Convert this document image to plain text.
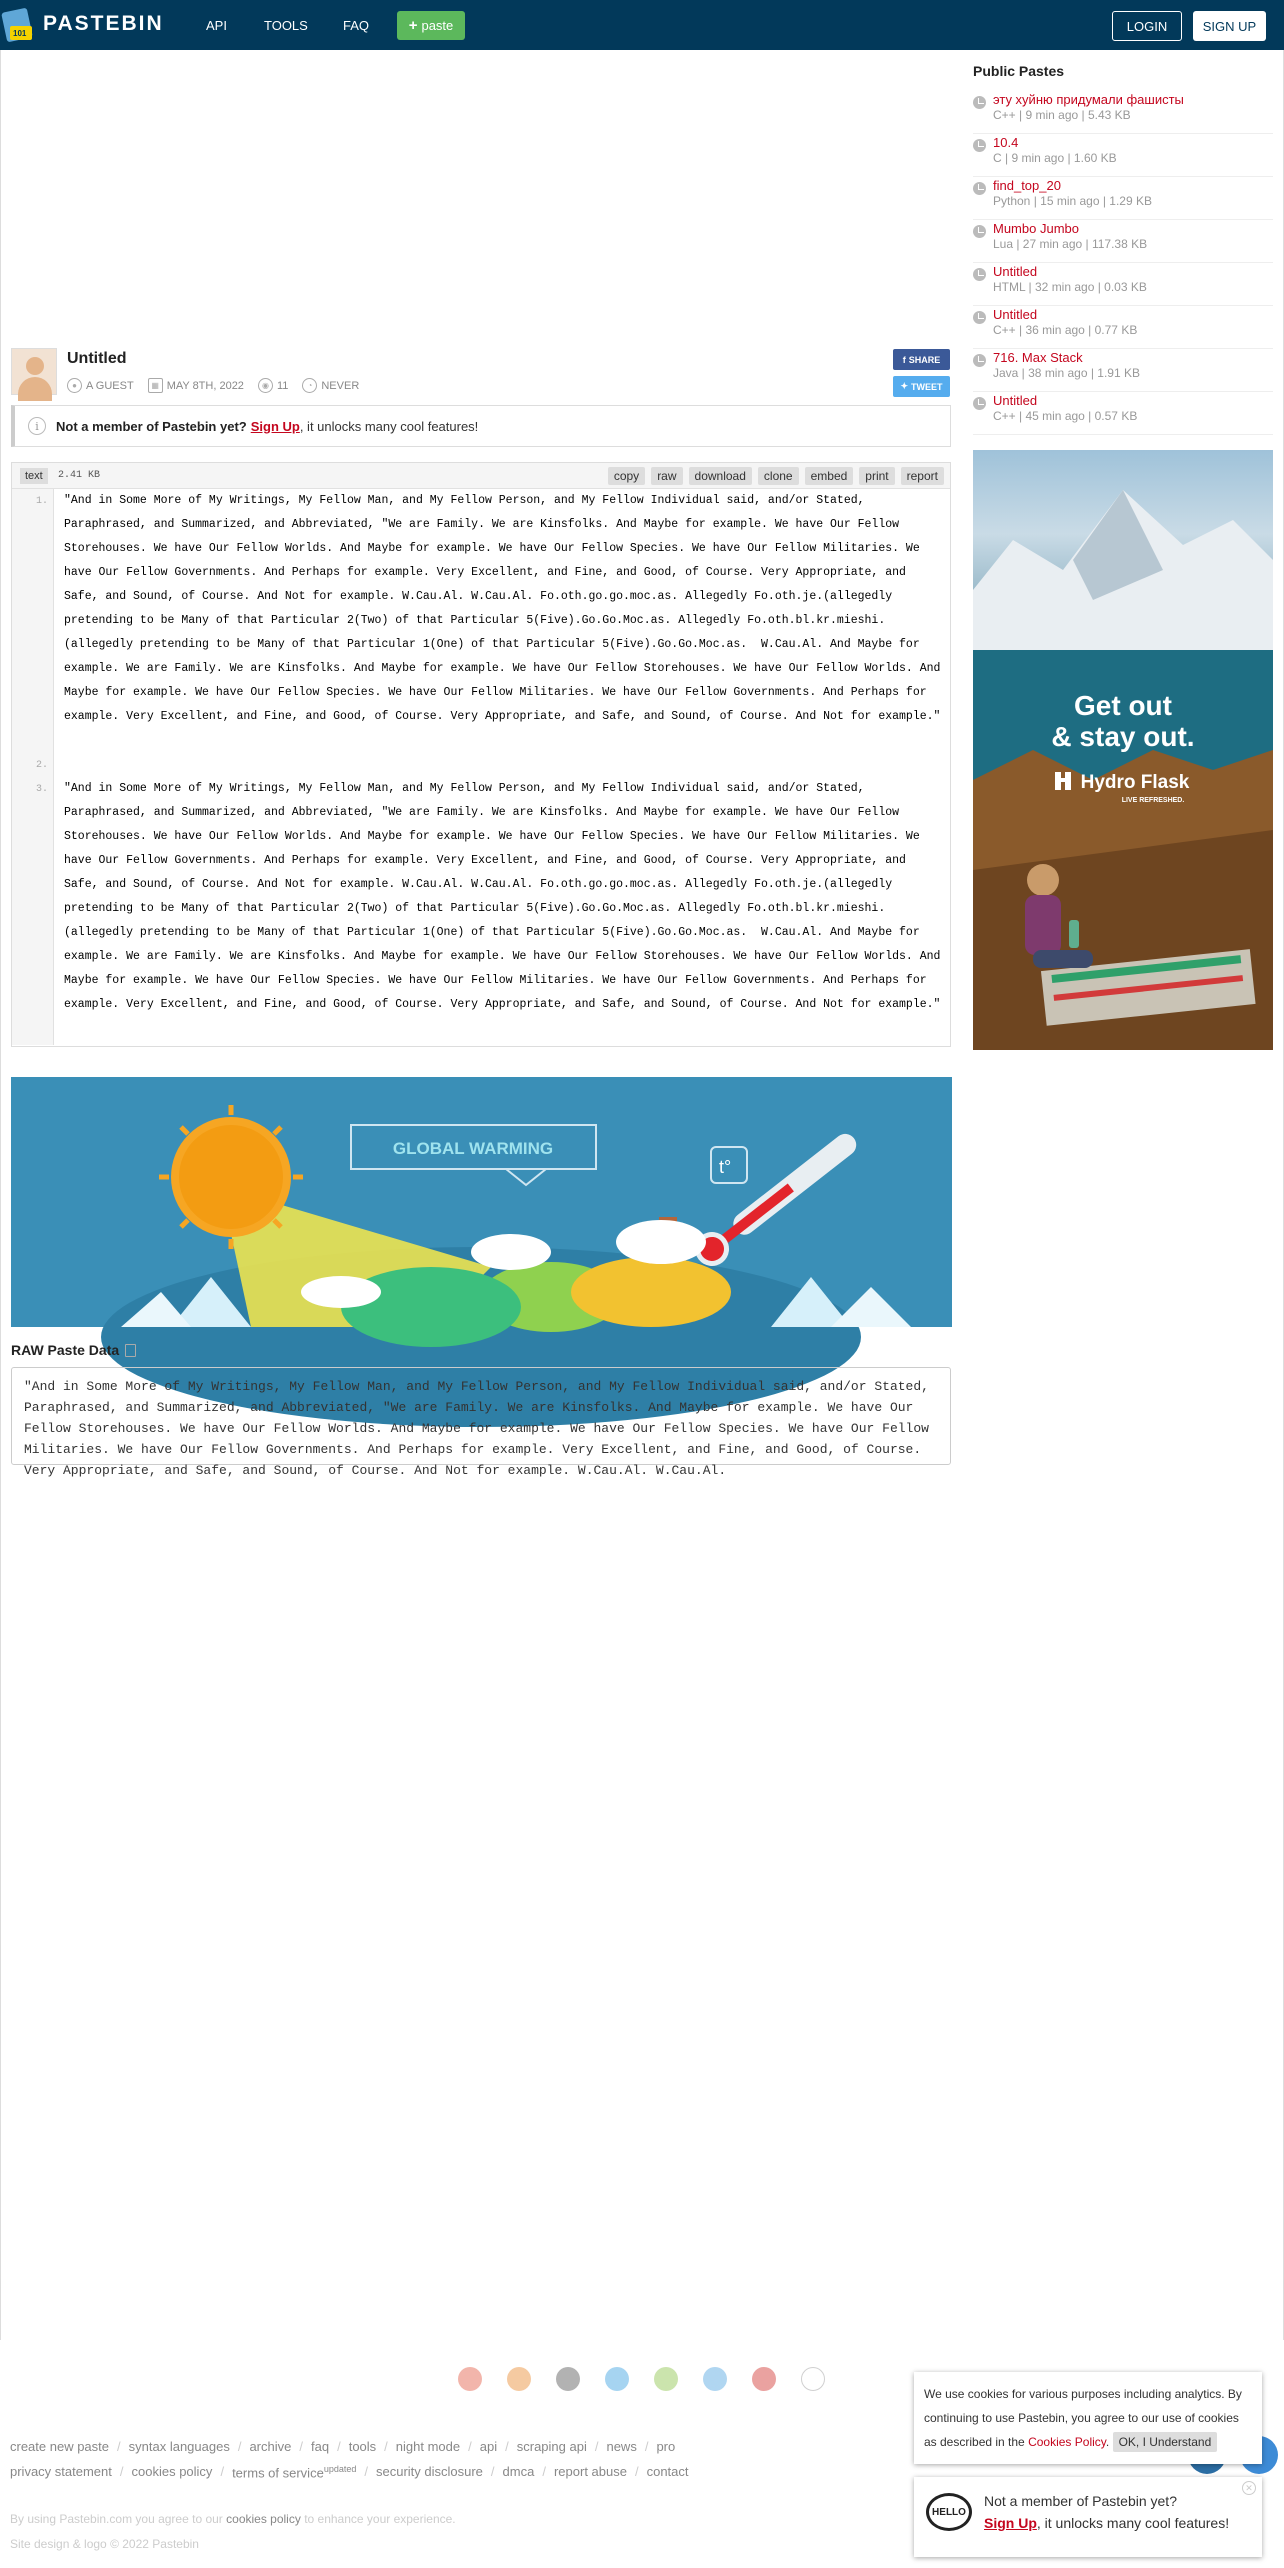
101 PASTEBIN	API	TOOLS	FAQ	+ paste	LOGIN	SIGN UP
Untitled
● A GUEST	▦ MAY 8TH, 2022	◉ 11	◔ NEVER
f SHARE
✦ TWEET
i	Not a member of Pastebin yet? Sign Up , it unlocks many cool features!
text	2.41 KB	copy	raw	download	clone	embed	print	report
1.	"And in Some More of My Writings, My Fellow Man, and My Fellow Person, and My Fellow Individual said, and/or Stated, Paraphrased, and Summarized, and Abbreviated, "We are Family. We are Kinsfolks. And Maybe for example. We have Our Fellow Storehouses. We have Our Fellow Worlds. And Maybe for example. We have Our Fellow Species. We have Our Fellow Militaries. We have Our Fellow Governments. And Perhaps for example. Very Excellent, and Fine, and Good, of Course. Very Appropriate, and Safe, and Sound, of Course. And Not for example. W.Cau.Al. W.Cau.Al. Fo.oth.go.go.moc.as. Allegedly Fo.oth.je.(allegedly pretending to be Many of that Particular 2(Two) of that Particular 5(Five).Go.Go.Moc.as. Allegedly Fo.oth.bl.kr.mieshi.(allegedly pretending to be Many of that Particular 1(One) of that Particular 5(Five).Go.Go.Moc.as.  W.Cau.Al. And Maybe for example. We are Family. We are Kinsfolks. And Maybe for example. We have Our Fellow Storehouses. We have Our Fellow Worlds. And Maybe for example. We have Our Fellow Species. We have Our Fellow Militaries. We have Our Fellow Governments. And Perhaps for example. Very Excellent, and Fine, and Good, of Course. Very Appropriate, and Safe, and Sound, of Course. And Not for example."
2.
3.	"And in Some More of My Writings, My Fellow Man, and My Fellow Person, and My Fellow Individual said, and/or Stated, Paraphrased, and Summarized, and Abbreviated, "We are Family. We are Kinsfolks. And Maybe for example. We have Our Fellow Storehouses. We have Our Fellow Worlds. And Maybe for example. We have Our Fellow Species. We have Our Fellow Militaries. We have Our Fellow Governments. And Perhaps for example. Very Excellent, and Fine, and Good, of Course. Very Appropriate, and Safe, and Sound, of Course. And Not for example. W.Cau.Al. W.Cau.Al. Fo.oth.go.go.moc.as. Allegedly Fo.oth.je.(allegedly pretending to be Many of that Particular 2(Two) of that Particular 5(Five).Go.Go.Moc.as. Allegedly Fo.oth.bl.kr.mieshi.(allegedly pretending to be Many of that Particular 1(One) of that Particular 5(Five).Go.Go.Moc.as.  W.Cau.Al. And Maybe for example. We are Family. We are Kinsfolks. And Maybe for example. We have Our Fellow Storehouses. We have Our Fellow Worlds. And Maybe for example. We have Our Fellow Species. We have Our Fellow Militaries. We have Our Fellow Governments. And Perhaps for example. Very Excellent, and Fine, and Good, of Course. Very Appropriate, and Safe, and Sound, of Course. And Not for example."
GLOBAL WARMING
t°
RAW Paste Data
"And in Some More of My Writings, My Fellow Man, and My Fellow Person, and My Fellow Individual said, and/or Stated, Paraphrased, and Summarized, and Abbreviated, "We are Family. We are Kinsfolks. And Maybe for example. We have Our Fellow Storehouses. We have Our Fellow Worlds. And Maybe for example. We have Our Fellow Species. We have Our Fellow Militaries. We have Our Fellow Governments. And Perhaps for example. Very Excellent, and Fine, and Good, of Course. Very Appropriate, and Safe, and Sound, of Course. And Not for example. W.Cau.Al. W.Cau.Al.
Public Pastes
эту хуйню придумали фашисты
C++ | 9 min ago | 5.43 KB
10.4
C | 9 min ago | 1.60 KB
find_top_20
Python | 15 min ago | 1.29 KB
Mumbo Jumbo
Lua | 27 min ago | 117.38 KB
Untitled
HTML | 32 min ago | 0.03 KB
Untitled
C++ | 36 min ago | 0.77 KB
716. Max Stack
Java | 38 min ago | 1.91 KB
Untitled
C++ | 45 min ago | 0.57 KB
Get out
& stay out.
Hydro Flask
LIVE REFRESHED.
create new paste / syntax languages / archive / faq / tools / night mode / api / scraping api / news / pro
privacy statement / cookies policy / terms of service$^{updated}$ / security disclosure / dmca / report abuse / contact
By using Pastebin.com you agree to our cookies policy to enhance your experience.
Site design & logo © 2022 Pastebin
We use cookies for various purposes including analytics. By continuing to use Pastebin, you agree to our use of cookies as described in the Cookies Policy. OK, I Understand
HELLO
Not a member of Pastebin yet?
Sign Up, it unlocks many cool features!
✕
